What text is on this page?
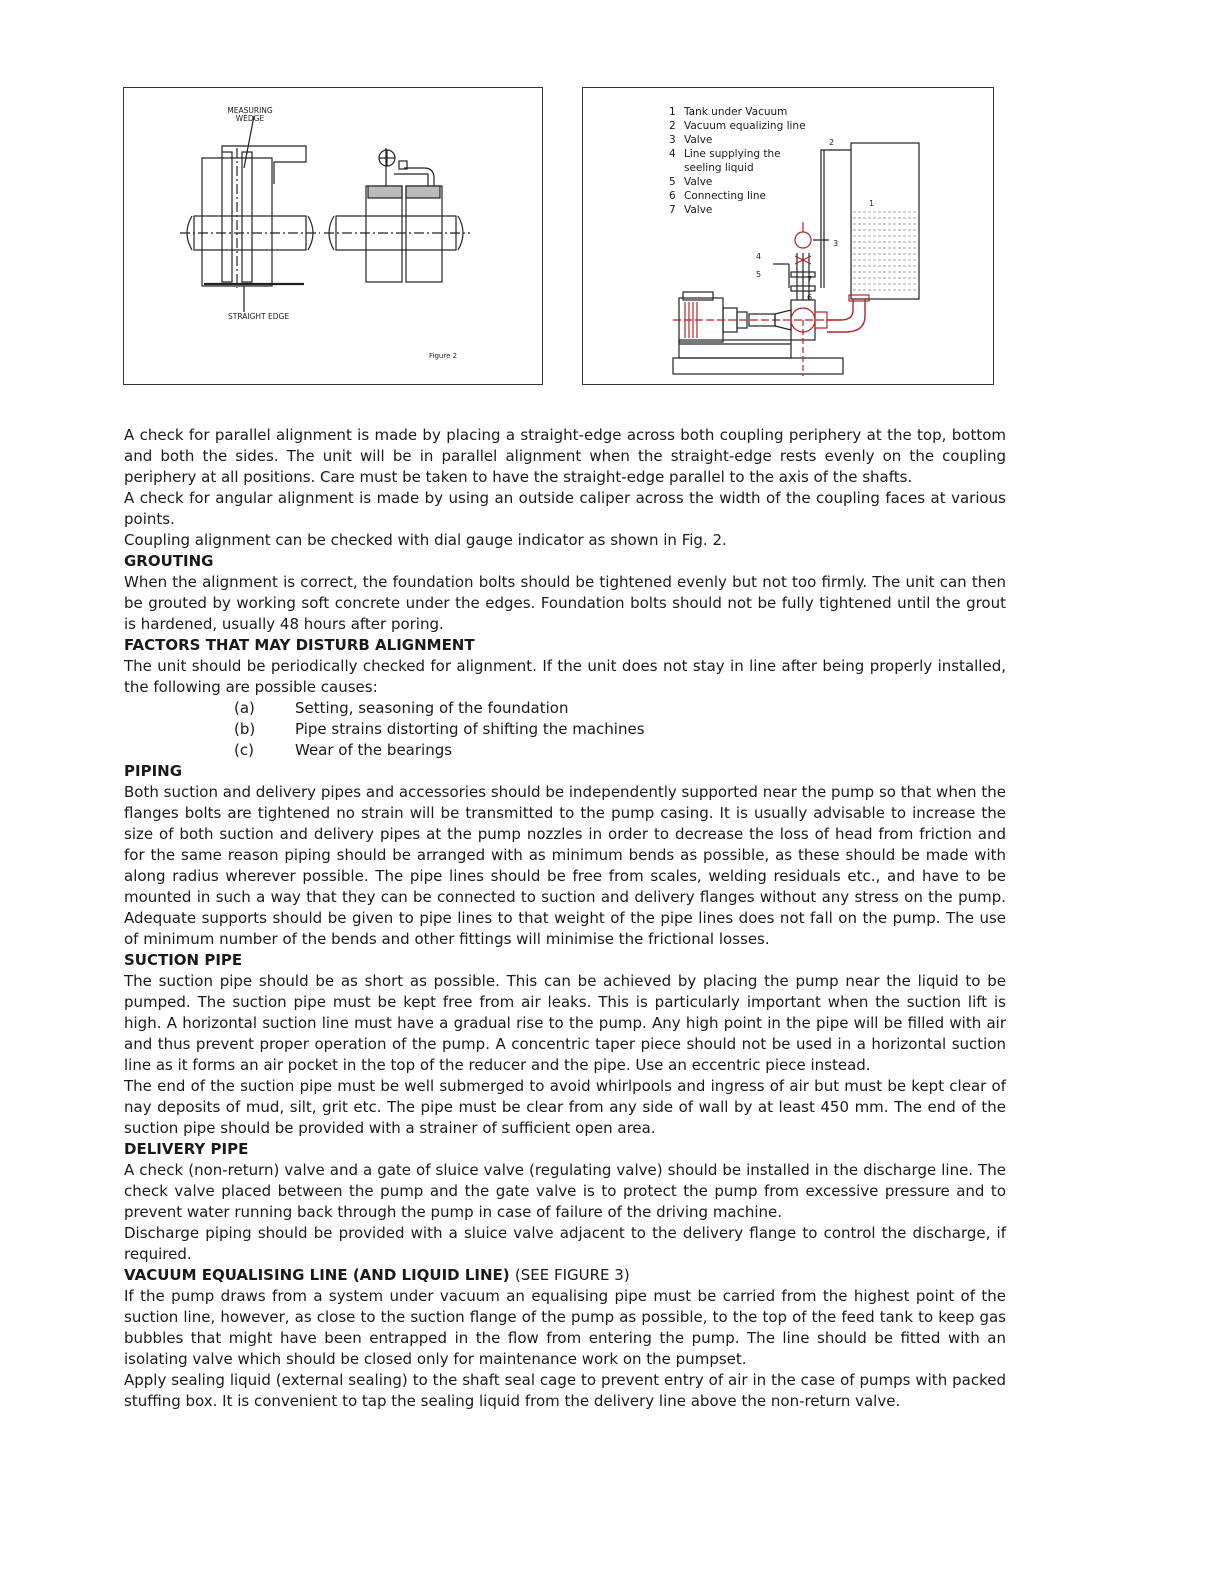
MEASURING
WEDGE
STRAIGHT EDGE
Figure 2
1 Tank under Vacuum
2 Vacuum equalizing line
3 Valve
4 Line supplying the
seeling liquid
5 Valve
6 Connecting line
7 Valve
2
1
3
4
5
6
7

A check for parallel alignment is made by placing a straight-edge across both coupling periphery at the top, bottom and both the sides. The unit will be in parallel alignment when the straight-edge rests evenly on the coupling periphery at all positions. Care must be taken to have the straight-edge parallel to the axis of the shafts.

A check for angular alignment is made by using an outside caliper across the width of the coupling faces at various points.

Coupling alignment can be checked with dial gauge indicator as shown in Fig. 2.

GROUTING

When the alignment is correct, the foundation bolts should be tightened evenly but not too firmly. The unit can then be grouted by working soft concrete under the edges. Foundation bolts should not be fully tightened until the grout is hardened, usually 48 hours after poring.

FACTORS THAT MAY DISTURB ALIGNMENT

The unit should be periodically checked for alignment. If the unit does not stay in line after being properly installed, the following are possible causes:

(a)	Setting, seasoning of the foundation
(b)	Pipe strains distorting of shifting the machines
(c)	Wear of the bearings
PIPING

Both suction and delivery pipes and accessories should be independently supported near the pump so that when the flanges bolts are tightened no strain will be transmitted to the pump casing. It is usually advisable to increase the size of both suction and delivery pipes at the pump nozzles in order to decrease the loss of head from friction and for the same reason piping should be arranged with as minimum bends as possible, as these should be made with along radius wherever possible. The pipe lines should be free from scales, welding residuals etc., and have to be mounted in such a way that they can be connected to suction and delivery flanges without any stress on the pump. Adequate supports should be given to pipe lines to that weight of the pipe lines does not fall on the pump. The use of minimum number of the bends and other fittings will minimise the frictional losses.

SUCTION PIPE

The suction pipe should be as short as possible. This can be achieved by placing the pump near the liquid to be pumped. The suction pipe must be kept free from air leaks. This is particularly important when the suction lift is high. A horizontal suction line must have a gradual rise to the pump. Any high point in the pipe will be filled with air and thus prevent proper operation of the pump. A concentric taper piece should not be used in a horizontal suction line as it forms an air pocket in the top of the reducer and the pipe. Use an eccentric piece instead.

The end of the suction pipe must be well submerged to avoid whirlpools and ingress of air but must be kept clear of nay deposits of mud, silt, grit etc. The pipe must be clear from any side of wall by at least 450 mm. The end of the suction pipe should be provided with a strainer of sufficient open area.

DELIVERY PIPE

A check (non-return) valve and a gate of sluice valve (regulating valve) should be installed in the discharge line. The check valve placed between the pump and the gate valve is to protect the pump from excessive pressure and to prevent water running back through the pump in case of failure of the driving machine.

Discharge piping should be provided with a sluice valve adjacent to the delivery flange to control the discharge, if required.

VACUUM EQUALISING LINE (AND LIQUID LINE) (SEE FIGURE 3)

If the pump draws from a system under vacuum an equalising pipe must be carried from the highest point of the suction line, however, as close to the suction flange of the pump as possible, to the top of the feed tank to keep gas bubbles that might have been entrapped in the flow from entering the pump. The line should be fitted with an isolating valve which should be closed only for maintenance work on the pumpset.

Apply sealing liquid (external sealing) to the shaft seal cage to prevent entry of air in the case of pumps with packed stuffing box. It is convenient to tap the sealing liquid from the delivery line above the non-return valve.
